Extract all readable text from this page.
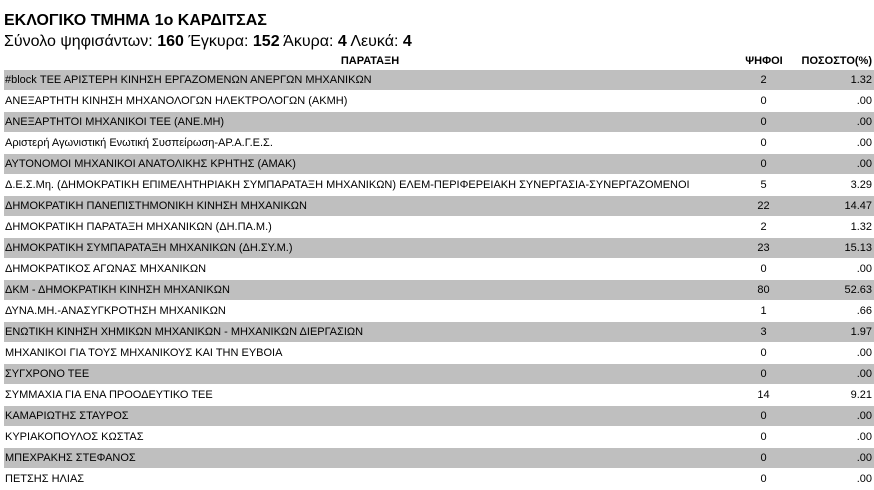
ΕΚΛΟΓΙΚΟ ΤΜΗΜΑ 1ο ΚΑΡΔΙΤΣΑΣ
Σύνολο ψηφισάντων: 160 Έγκυρα: 152 Άκυρα: 4 Λευκά: 4
ΠΑΡΑΤΑΞΗ	ΨΗΦΟΙ	ΠΟΣΟΣΤΟ(%)
#block ΤΕΕ ΑΡΙΣΤΕΡΗ ΚΙΝΗΣΗ ΕΡΓΑΖΟΜΕΝΩΝ ΑΝΕΡΓΩΝ ΜΗΧΑΝΙΚΩΝ	2	1.32
ΑΝΕΞΑΡΤΗΤΗ ΚΙΝΗΣΗ ΜΗΧΑΝΟΛΟΓΩΝ ΗΛΕΚΤΡΟΛΟΓΩΝ (ΑΚΜΗ)	0	.00
ΑΝΕΞΑΡΤΗΤΟΙ ΜΗΧΑΝΙΚΟΙ ΤΕΕ (ΑΝΕ.ΜΗ)	0	.00
Αριστερή Αγωνιστική Ενωτική Συσπείρωση-ΑΡ.Α.Γ.Ε.Σ.	0	.00
ΑΥΤΟΝΟΜΟΙ ΜΗΧΑΝΙΚΟΙ ΑΝΑΤΟΛΙΚΗΣ ΚΡΗΤΗΣ (ΑΜΑΚ)	0	.00
Δ.Ε.Σ.Μη. (ΔΗΜΟΚΡΑΤΙΚΗ ΕΠΙΜΕΛΗΤΗΡΙΑΚΗ ΣΥΜΠΑΡΑΤΑΞΗ ΜΗΧΑΝΙΚΩΝ) ΕΛΕΜ-ΠΕΡΙΦΕΡΕΙΑΚΗ ΣΥΝΕΡΓΑΣΙΑ-ΣΥΝΕΡΓΑΖΟΜΕΝΟΙ	5	3.29
ΔΗΜΟΚΡΑΤΙΚΗ ΠΑΝΕΠΙΣΤΗΜΟΝΙΚΗ ΚΙΝΗΣΗ ΜΗΧΑΝΙΚΩΝ	22	14.47
ΔΗΜΟΚΡΑΤΙΚΗ ΠΑΡΑΤΑΞΗ ΜΗΧΑΝΙΚΩΝ (ΔΗ.ΠΑ.Μ.)	2	1.32
ΔΗΜΟΚΡΑΤΙΚΗ ΣΥΜΠΑΡΑΤΑΞΗ ΜΗΧΑΝΙΚΩΝ (ΔΗ.ΣΥ.Μ.)	23	15.13
ΔΗΜΟΚΡΑΤΙΚΟΣ ΑΓΩΝΑΣ ΜΗΧΑΝΙΚΩΝ	0	.00
ΔΚΜ - ΔΗΜΟΚΡΑΤΙΚΗ ΚΙΝΗΣΗ ΜΗΧΑΝΙΚΩΝ	80	52.63
ΔΥΝΑ.ΜΗ.-ΑΝΑΣΥΓΚΡΟΤΗΣΗ ΜΗΧΑΝΙΚΩΝ	1	.66
ΕΝΩΤΙΚΗ ΚΙΝΗΣΗ ΧΗΜΙΚΩΝ ΜΗΧΑΝΙΚΩΝ - ΜΗΧΑΝΙΚΩΝ ΔΙΕΡΓΑΣΙΩΝ	3	1.97
ΜΗΧΑΝΙΚΟΙ ΓΙΑ ΤΟΥΣ ΜΗΧΑΝΙΚΟΥΣ ΚΑΙ ΤΗΝ ΕΥΒΟΙΑ	0	.00
ΣΥΓΧΡΟΝΟ ΤΕΕ	0	.00
ΣΥΜΜΑΧΙΑ ΓΙΑ ΕΝΑ ΠΡΟΟΔΕΥΤΙΚΟ ΤΕΕ	14	9.21
ΚΑΜΑΡΙΩΤΗΣ ΣΤΑΥΡΟΣ	0	.00
ΚΥΡΙΑΚΟΠΟΥΛΟΣ ΚΩΣΤΑΣ	0	.00
ΜΠΕΧΡΑΚΗΣ ΣΤΕΦΑΝΟΣ	0	.00
ΠΕΤΣΗΣ ΗΛΙΑΣ	0	.00
